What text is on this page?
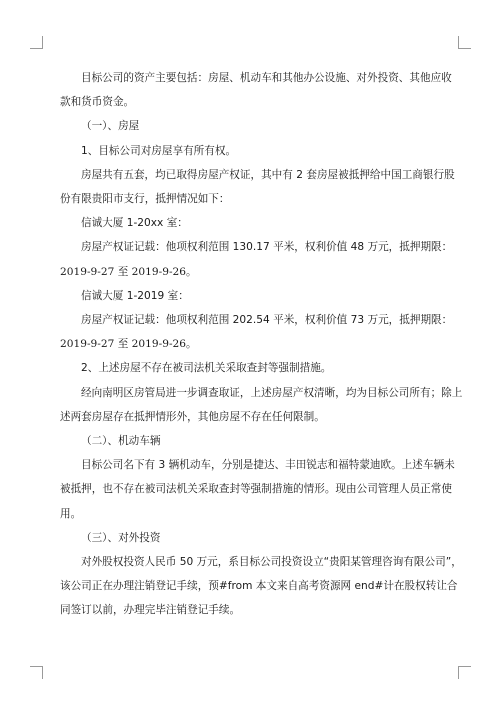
目标公司的资产主要包括：房屋、机动车和其他办公设施、对外投资、其他应收

款和货币资金。

（一）、房屋

1、目标公司对房屋享有所有权。

房屋共有五套，均已取得房屋产权证，其中有 2 套房屋被抵押给中国工商银行股

份有限贵阳市支行，抵押情况如下：

信诚大厦 1-20xx 室：

房屋产权证记载：他项权利范围 130.17 平米，权利价值 48 万元，抵押期限：

2019-9-27 至 2019-9-26。

信诚大厦 1-2019 室：

房屋产权证记载：他项权利范围 202.54 平米，权利价值 73 万元，抵押期限：

2019-9-27 至 2019-9-26。

2、上述房屋不存在被司法机关采取查封等强制措施。

经向南明区房管局进一步调查取证，上述房屋产权清晰，均为目标公司所有；除上

述两套房屋存在抵押情形外，其他房屋不存在任何限制。

（二）、机动车辆

目标公司名下有 3 辆机动车，分别是捷达、丰田锐志和福特蒙迪欧。上述车辆未

被抵押，也不存在被司法机关采取查封等强制措施的情形。现由公司管理人员正常使

用。

（三）、对外投资

对外股权投资人民币 50 万元，系目标公司投资设立“贵阳某管理咨询有限公司”，

该公司正在办理注销登记手续，预#from 本文来自高考资源网 end#计在股权转让合

同签订以前，办理完毕注销登记手续。
